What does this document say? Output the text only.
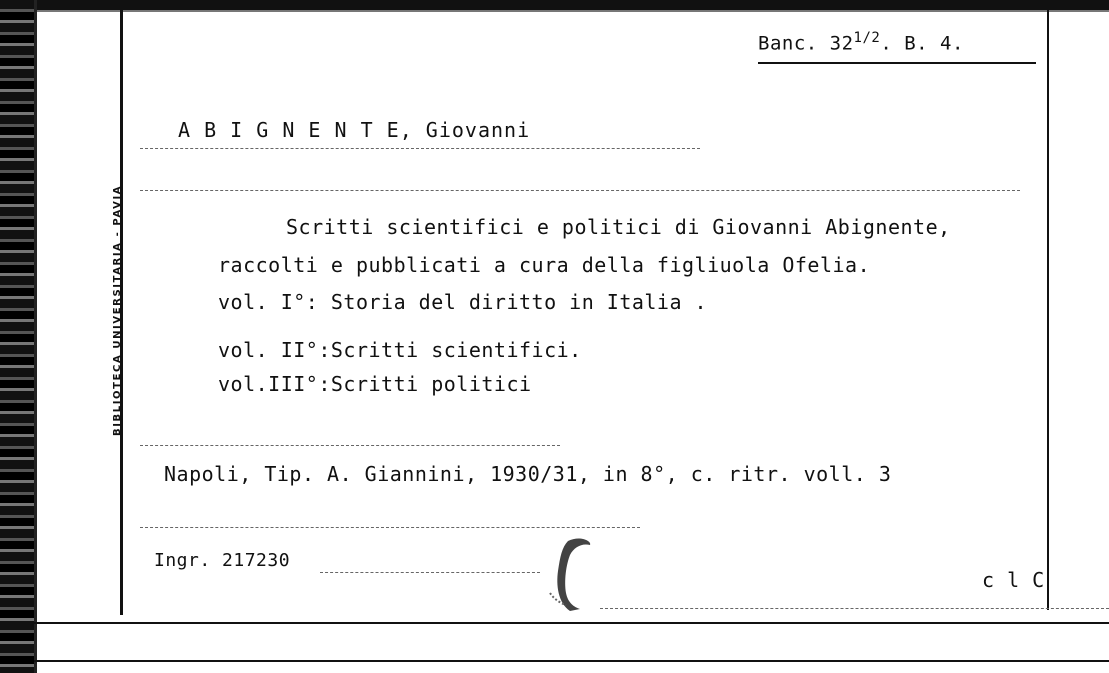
Banc. $32^{1/2}$. B. 4.
BIBLIOTECA UNIVERSITARIA - PAVIA
A B I G N E N T E, Giovanni
Scritti scientifici e politici di Giovanni Abignente,
raccolti e pubblicati a cura della figliuola Ofelia.
vol. I°: Storia del diritto in Italia .
vol. II°:Scritti scientifici.
vol.III°:Scritti politici
Napoli, Tip. A. Giannini, 1930/31, in 8°, c. ritr. voll. 3
Ingr. 217230
c l C
